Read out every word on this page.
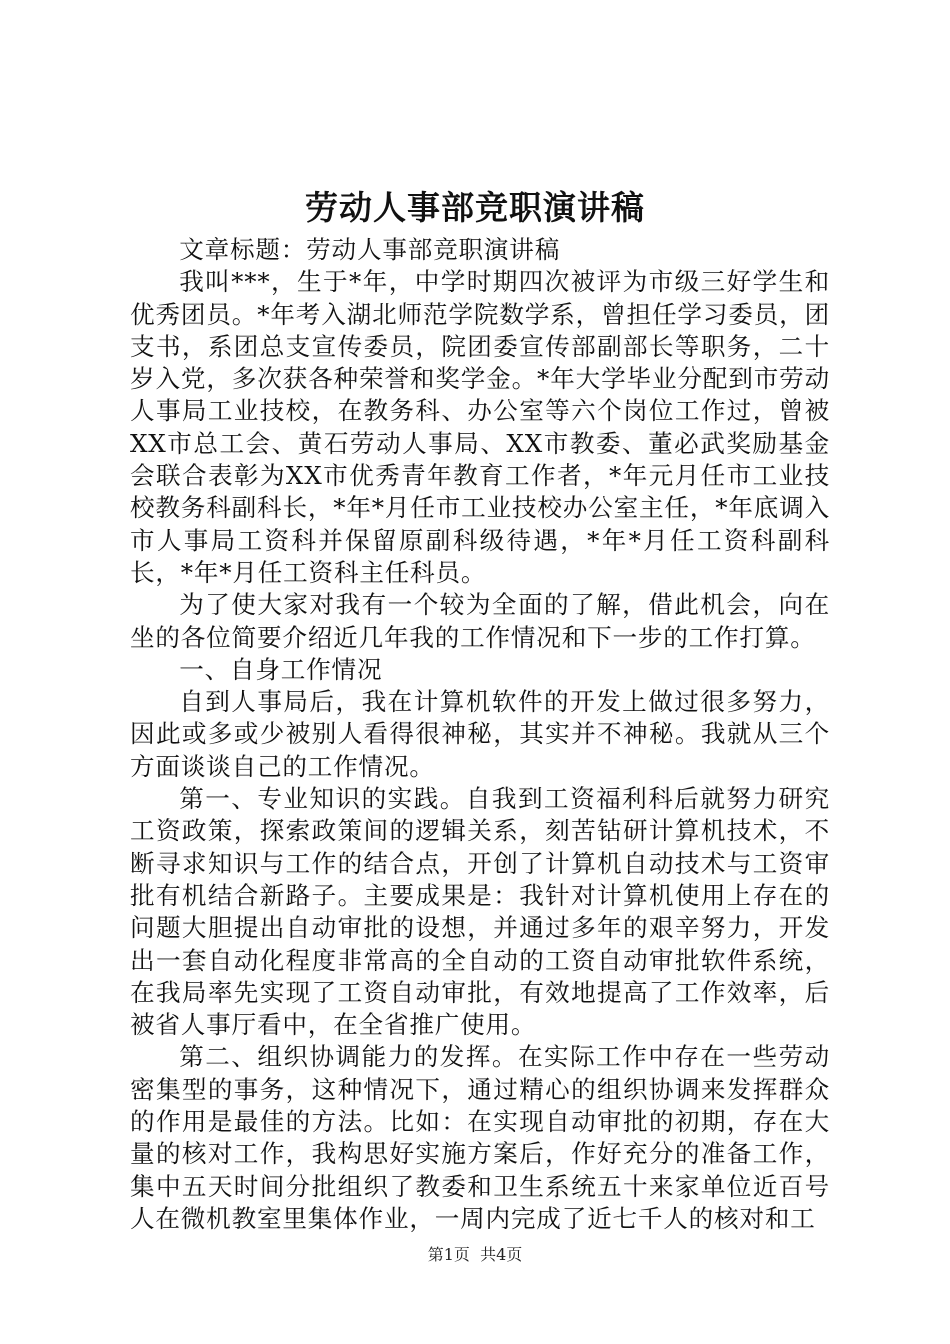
劳动人事部竞职演讲稿

文章标题：劳动人事部竞职演讲稿

我叫***，生于*年，中学时期四次被评为市级三好学生和优秀团员。*年考入湖北师范学院数学系，曾担任学习委员，团支书，系团总支宣传委员，院团委宣传部副部长等职务，二十岁入党，多次获各种荣誉和奖学金。*年大学毕业分配到市劳动人事局工业技校，在教务科、办公室等六个岗位工作过，曾被XX市总工会、黄石劳动人事局、XX市教委、董必武奖励基金会联合表彰为XX市优秀青年教育工作者，*年元月任市工业技校教务科副科长，*年*月任市工业技校办公室主任，*年底调入市人事局工资科并保留原副科级待遇，*年*月任工资科副科长，*年*月任工资科主任科员。

为了使大家对我有一个较为全面的了解，借此机会，向在坐的各位简要介绍近几年我的工作情况和下一步的工作打算。

一、自身工作情况

自到人事局后，我在计算机软件的开发上做过很多努力，因此或多或少被别人看得很神秘，其实并不神秘。我就从三个方面谈谈自己的工作情况。

第一、专业知识的实践。自我到工资福利科后就努力研究工资政策，探索政策间的逻辑关系，刻苦钻研计算机技术，不断寻求知识与工作的结合点，开创了计算机自动技术与工资审批有机结合新路子。主要成果是：我针对计算机使用上存在的问题大胆提出自动审批的设想，并通过多年的艰辛努力，开发出一套自动化程度非常高的全自动的工资自动审批软件系统，在我局率先实现了工资自动审批，有效地提高了工作效率，后被省人事厅看中，在全省推广使用。

第二、组织协调能力的发挥。在实际工作中存在一些劳动密集型的事务，这种情况下，通过精心的组织协调来发挥群众的作用是最佳的方法。比如：在实现自动审批的初期，存在大量的核对工作，我构思好实施方案后，作好充分的准备工作，集中五天时间分批组织了教委和卫生系统五十来家单位近百号人在微机教室里集体作业，一周内完成了近七千人的核对和工

第1页 共4页
